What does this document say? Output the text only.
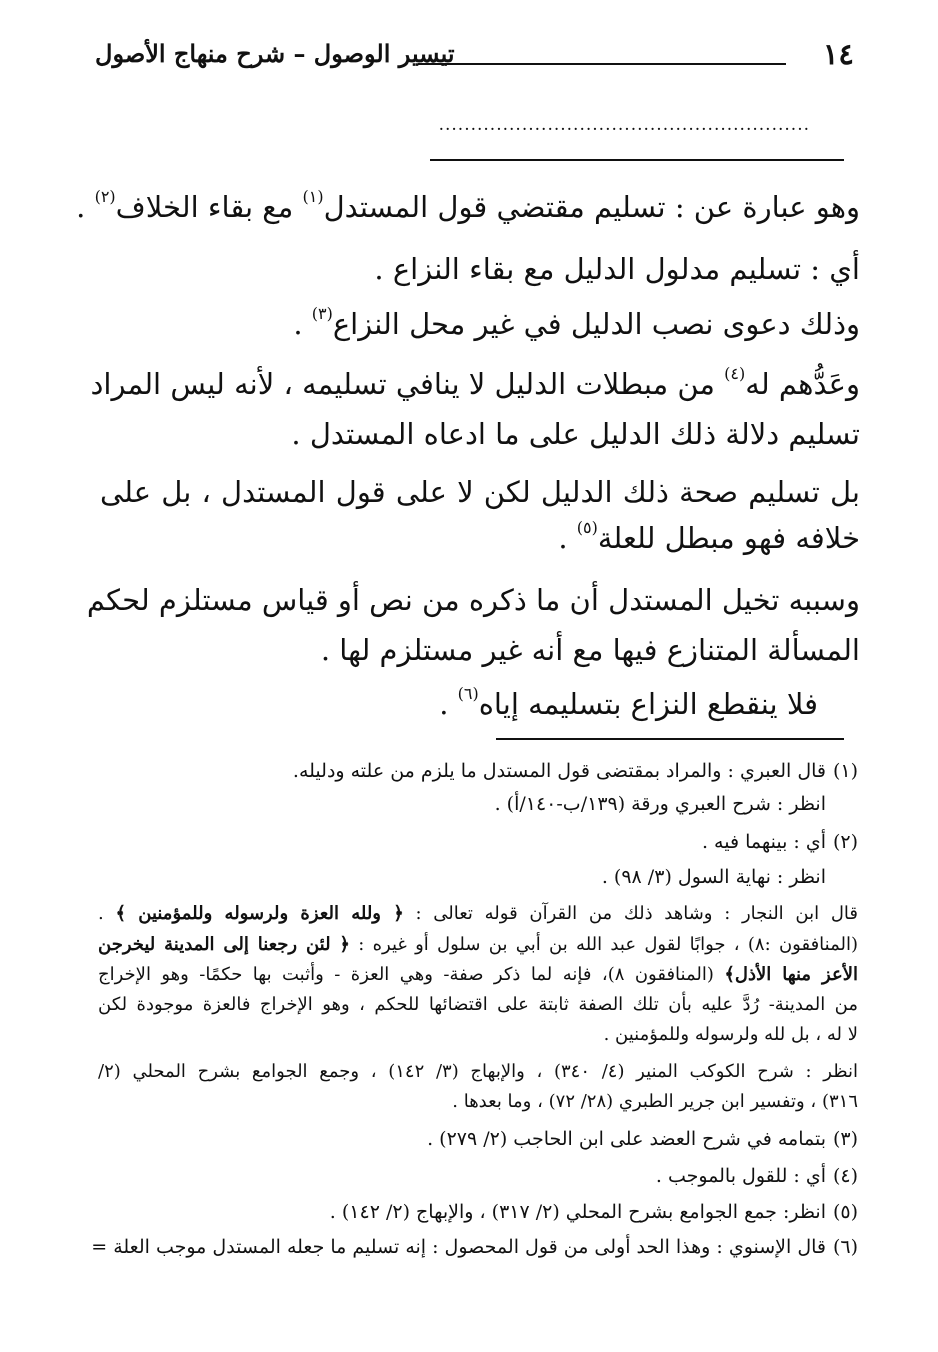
١٤
تيسير الوصول – شرح منهاج الأصول
..........................................................
وهو عبارة عن : تسليم مقتضي قول المستدل$^{(١)}$ مع بقاء الخلاف$^{(٢)}$ .
أي : تسليم مدلول الدليل مع بقاء النزاع .
وذلك دعوى نصب الدليل في غير محل النزاع$^{(٣)}$ .
وعَدُّهم له$^{(٤)}$ من مبطلات الدليل لا ينافي تسليمه ، لأنه ليس المراد
تسليم دلالة ذلك الدليل على ما ادعاه المستدل .
بل تسليم صحة ذلك الدليل لكن لا على قول المستدل ، بل على
خلافه فهو مبطل للعلة$^{(٥)}$ .
وسببه تخيل المستدل أن ما ذكره من نص أو قياس مستلزم لحكم
المسألة المتنازع فيها مع أنه غير مستلزم لها .
فلا ينقطع النزاع بتسليمه إياه$^{(٦)}$ .
(١)قال العبري : والمراد بمقتضى قول المستدل ما يلزم من علته ودليله.
انظر : شرح العبري ورقة (١٣٩/ب-١٤٠/أ) .
(٢)أي : بينهما فيه .
انظر : نهاية السول (٣/ ٩٨) .
قال ابن النجار : وشاهد ذلك من القرآن قوله تعالى : ﴿ ولله العزة ولرسوله وللمؤمنين ﴾ .
(المنافقون :٨) ، جوابًا لقول عبد الله بن أبي بن سلول أو غيره : ﴿ لئن رجعنا إلى المدينة ليخرجن
الأعز منها الأذل﴾ (المنافقون ٨)، فإنه لما ذكر صفة- وهي العزة - وأثبت بها حكمًا- وهو الإخراج
من المدينة- رُدَّ عليه بأن تلك الصفة ثابتة على اقتضائها للحكم ، وهو الإخراج فالعزة موجودة لكن
لا له ، بل لله ولرسوله وللمؤمنين .
انظر : شرح الكوكب المنير (٤/ ٣٤٠) ، والإبهاج (٣/ ١٤٢) ، وجمع الجوامع بشرح المحلي (٢/
٣١٦) ، وتفسير ابن جرير الطبري (٢٨/ ٧٢) ، وما بعدها .
(٣)بتمامه في شرح العضد على ابن الحاجب (٢/ ٢٧٩) .
(٤)أي : للقول بالموجب .
(٥)انظر: جمع الجوامع بشرح المحلي (٢/ ٣١٧) ، والإبهاج (٢/ ١٤٢) .
(٦)قال الإسنوي : وهذا الحد أولى من قول المحصول : إنه تسليم ما جعله المستدل موجب العلة =
